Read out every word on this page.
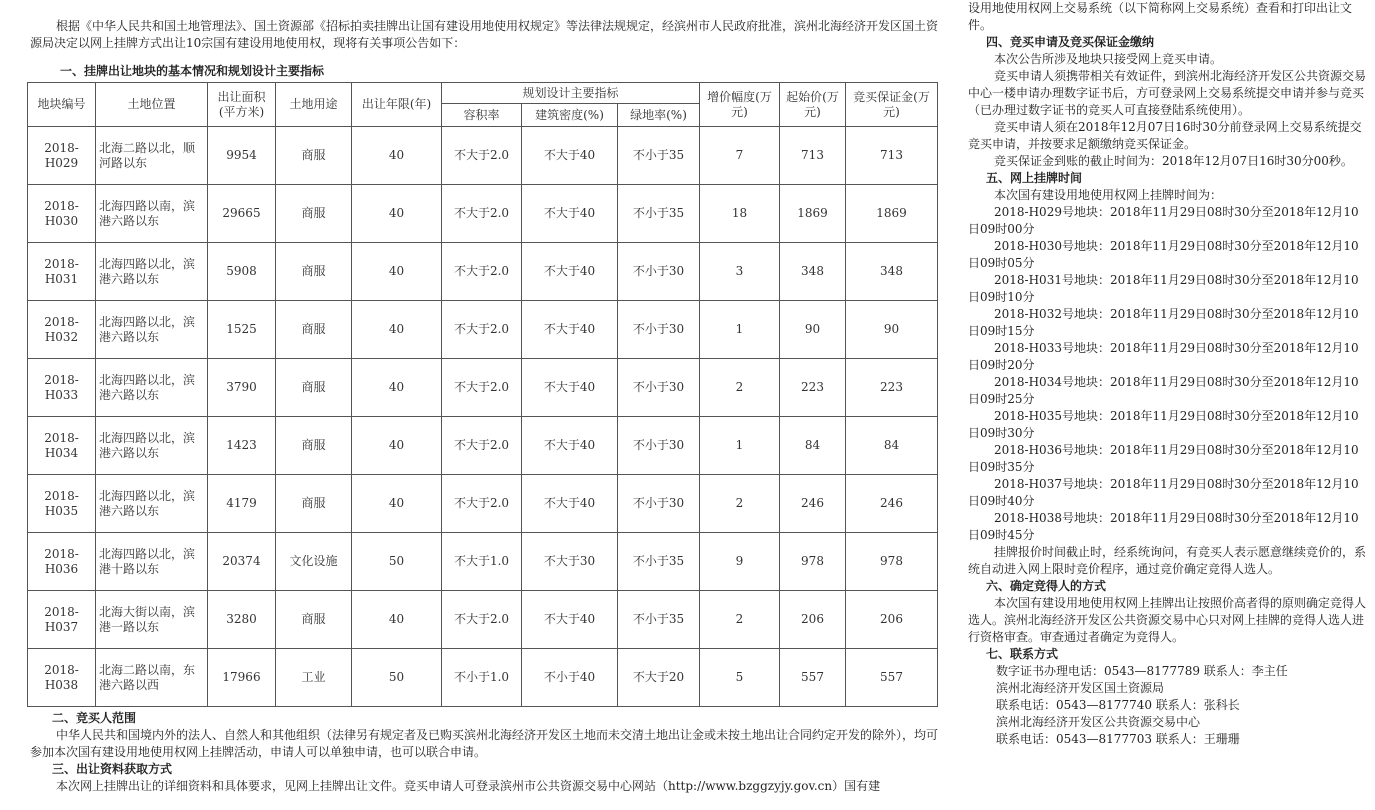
根据《中华人民共和国土地管理法》、国土资源部《招标拍卖挂牌出让国有建设用地使用权规定》等法律法规规定，经滨州市人民政府批准，滨州北海经济开发区国土资源局决定以网上挂牌方式出让10宗国有建设用地使用权，现将有关事项公告如下：

一、挂牌出让地块的基本情况和规划设计主要指标

地块编号	土地位置	出让面积(平方米)	土地用途	出让年限(年)	规划设计主要指标			增价幅度(万元)	起始价(万元)	竞买保证金(万元)
					容积率	建筑密度(%)	绿地率(%)			
2018-H029	北海二路以北，顺河路以东	9954	商服	40	不大于2.0	不大于40	不小于35	7	713	713
2018-H030	北海四路以南，滨港六路以东	29665	商服	40	不大于2.0	不大于40	不小于35	18	1869	1869
2018-H031	北海四路以北，滨港六路以东	5908	商服	40	不大于2.0	不大于40	不小于30	3	348	348
2018-H032	北海四路以北，滨港六路以东	1525	商服	40	不大于2.0	不大于40	不小于30	1	90	90
2018-H033	北海四路以北，滨港六路以东	3790	商服	40	不大于2.0	不大于40	不小于30	2	223	223
2018-H034	北海四路以北，滨港六路以东	1423	商服	40	不大于2.0	不大于40	不小于30	1	84	84
2018-H035	北海四路以北，滨港六路以东	4179	商服	40	不大于2.0	不大于40	不小于30	2	246	246
2018-H036	北海四路以北，滨港十路以东	20374	文化设施	50	不大于1.0	不大于30	不小于35	9	978	978
2018-H037	北海大街以南，滨港一路以东	3280	商服	40	不大于2.0	不大于40	不小于35	2	206	206
2018-H038	北海二路以南，东港六路以西	17966	工业	50	不小于1.0	不小于40	不大于20	5	557	557

二、竞买人范围

中华人民共和国境内外的法人、自然人和其他组织（法律另有规定者及已购买滨州北海经济开发区土地而未交清土地出让金或未按土地出让合同约定开发的除外），均可参加本次国有建设用地使用权网上挂牌活动，申请人可以单独申请，也可以联合申请。

三、出让资料获取方式

本次网上挂牌出让的详细资料和具体要求，见网上挂牌出让文件。竞买申请人可登录滨州市公共资源交易中心网站（http://www.bzggzyjy.gov.cn）国有建

设用地使用权网上交易系统（以下简称网上交易系统）查看和打印出让文件。

四、竞买申请及竞买保证金缴纳

本次公告所涉及地块只接受网上竞买申请。

竞买申请人须携带相关有效证件，到滨州北海经济开发区公共资源交易中心一楼申请办理数字证书后，方可登录网上交易系统提交申请并参与竞买（已办理过数字证书的竞买人可直接登陆系统使用）。

竞买申请人须在2018年12月07日16时30分前登录网上交易系统提交竞买申请，并按要求足额缴纳竞买保证金。

竞买保证金到账的截止时间为：2018年12月07日16时30分00秒。

五、网上挂牌时间

本次国有建设用地使用权网上挂牌时间为：

2018-H029号地块：2018年11月29日08时30分至2018年12月10日09时00分

2018-H030号地块：2018年11月29日08时30分至2018年12月10日09时05分

2018-H031号地块：2018年11月29日08时30分至2018年12月10日09时10分

2018-H032号地块：2018年11月29日08时30分至2018年12月10日09时15分

2018-H033号地块：2018年11月29日08时30分至2018年12月10日09时20分

2018-H034号地块：2018年11月29日08时30分至2018年12月10日09时25分

2018-H035号地块：2018年11月29日08时30分至2018年12月10日09时30分

2018-H036号地块：2018年11月29日08时30分至2018年12月10日09时35分

2018-H037号地块：2018年11月29日08时30分至2018年12月10日09时40分

2018-H038号地块：2018年11月29日08时30分至2018年12月10日09时45分

挂牌报价时间截止时，经系统询问，有竞买人表示愿意继续竞价的，系统自动进入网上限时竞价程序，通过竞价确定竞得人选人。

六、确定竞得人的方式

本次国有建设用地使用权网上挂牌出让按照价高者得的原则确定竞得人选人。滨州北海经济开发区公共资源交易中心只对网上挂牌的竞得人选人进行资格审查。审查通过者确定为竞得人。

七、联系方式

数字证书办理电话：0543—8177789 联系人：李主任

滨州北海经济开发区国土资源局

联系电话：0543—8177740 联系人：张科长

滨州北海经济开发区公共资源交易中心

联系电话：0543—8177703 联系人：王珊珊
